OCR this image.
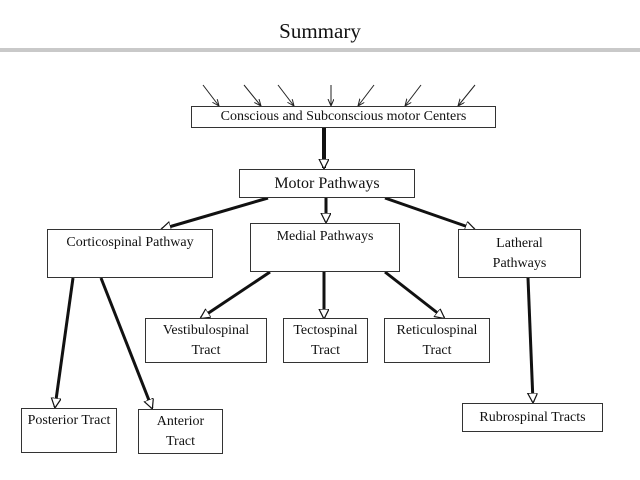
Summary
Conscious and Subconscious motor Centers
Motor Pathways
Corticospinal Pathway	Medial Pathways	Latheral
Pathways
Vestibulospinal
Tract
Tectospinal
Tract
Reticulospinal
Tract
Posterior Tract	Anterior
Tract
Rubrospinal Tracts
